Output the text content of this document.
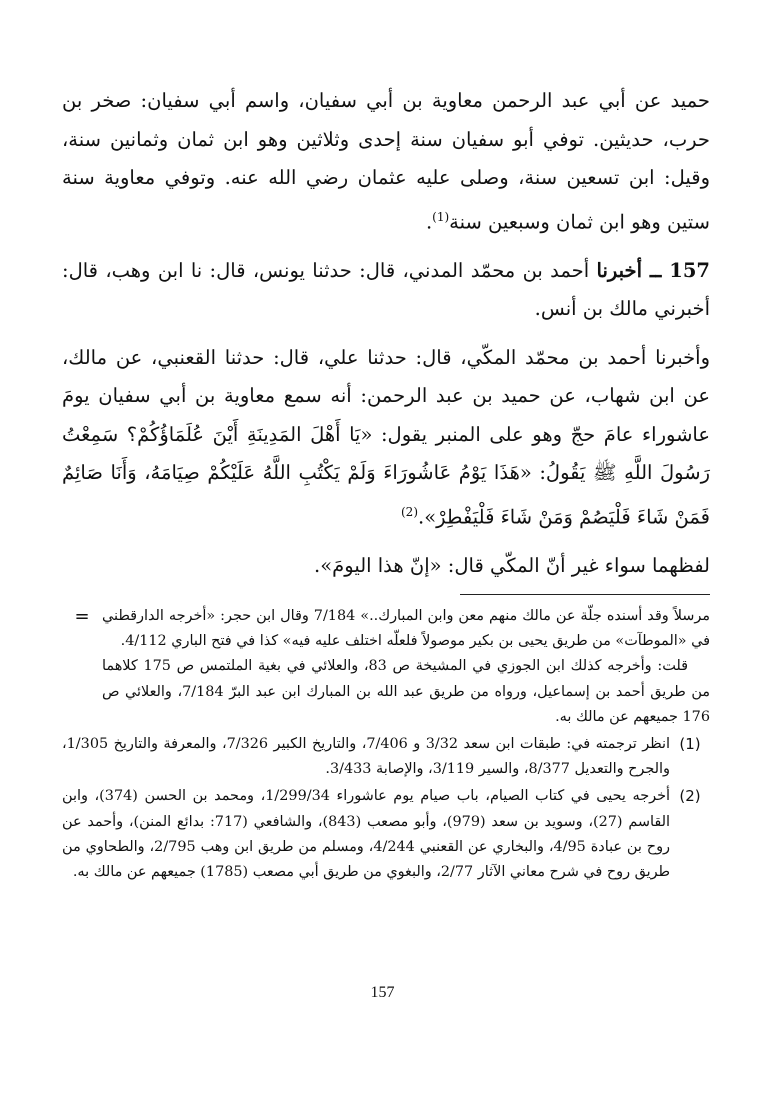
حميد عن أبي عبد الرحمن معاوية بن أبي سفيان، واسم أبي سفيان: صخر بن حرب، حديثين. توفي أبو سفيان سنة إحدى وثلاثين وهو ابن ثمان وثمانين سنة، وقيل: ابن تسعين سنة، وصلى عليه عثمان رضي الله عنه. وتوفي معاوية سنة ستين وهو ابن ثمان وسبعين سنة$^{(1)}$.

157 ــ أخبرنا أحمد بن محمّد المدني، قال: حدثنا يونس، قال: نا ابن وهب، قال: أخبرني مالك بن أنس.

وأخبرنا أحمد بن محمّد المكّي، قال: حدثنا علي، قال: حدثنا القعنبي، عن مالك، عن ابن شهاب، عن حميد بن عبد الرحمن: أنه سمع معاوية بن أبي سفيان يومَ عاشوراء عامَ حجّ وهو على المنبر يقول: «يَا أَهْلَ المَدِينَةِ أَيْنَ عُلَمَاؤُكُمْ؟ سَمِعْتُ رَسُولَ اللَّهِ ﷺ يَقُولُ: «هَذَا يَوْمُ عَاشُورَاءَ وَلَمْ يَكْتُبِ اللَّهُ عَلَيْكُمْ صِيَامَهُ، وَأَنَا صَائِمٌ فَمَنْ شَاءَ فَلْيَصُمْ وَمَنْ شَاءَ فَلْيَفْطِرْ».$^{(2)}$

لفظهما سواء غير أنّ المكّي قال: «إنّ هذا اليومَ».

مرسلاً وقد أسنده جلّة عن مالك منهم معن وابن المبارك..» 7/184 وقال ابن حجر: «أخرجه الدارقطني في «الموطآت» من طريق يحيى بن بكير موصولاً فلعلّه اختلف عليه فيه» كذا في فتح الباري 4/112.

قلت: وأخرجه كذلك ابن الجوزي في المشيخة ص 83، والعلائي في بغية الملتمس ص 175 كلاهما من طريق أحمد بن إسماعيل، ورواه من طريق عبد الله بن المبارك ابن عبد البرّ 7/184، والعلائي ص 176 جميعهم عن مالك به.

=
(1)

انظر ترجمته في: طبقات ابن سعد 3/32 و 7/406، والتاريخ الكبير 7/326، والمعرفة والتاريخ 1/305، والجرح والتعديل 8/377، والسير 3/119، والإصابة 3/433.

(2)

أخرجه يحيى في كتاب الصيام، باب صيام يوم عاشوراء 1/299/34، ومحمد بن الحسن (374)، وابن القاسم (27)، وسويد بن سعد (979)، وأبو مصعب (843)، والشافعي (717: بدائع المنن)، وأحمد عن روح بن عبادة 4/95، والبخاري عن القعنبي 4/244، ومسلم من طريق ابن وهب 2/795، والطحاوي من طريق روح في شرح معاني الآثار 2/77، والبغوي من طريق أبي مصعب (1785) جميعهم عن مالك به.

157
